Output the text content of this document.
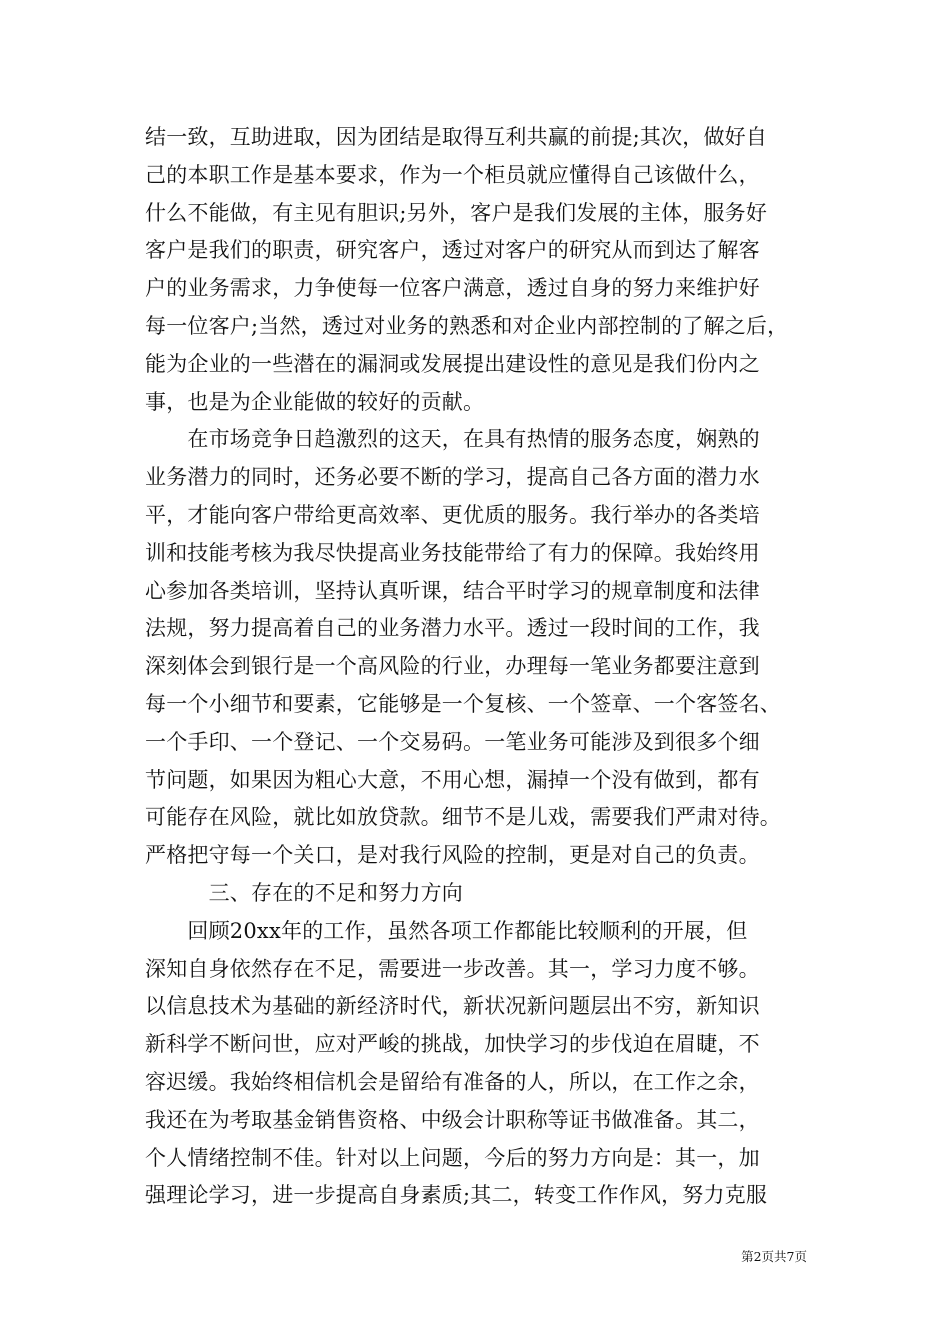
结一致，互助进取，因为团结是取得互利共赢的前提;其次，做好自
己的本职工作是基本要求，作为一个柜员就应懂得自己该做什么，
什么不能做，有主见有胆识;另外，客户是我们发展的主体，服务好
客户是我们的职责，研究客户，透过对客户的研究从而到达了解客
户的业务需求，力争使每一位客户满意，透过自身的努力来维护好
每一位客户;当然，透过对业务的熟悉和对企业内部控制的了解之后，
能为企业的一些潜在的漏洞或发展提出建设性的意见是我们份内之
事，也是为企业能做的较好的贡献。
　　在市场竞争日趋激烈的这天，在具有热情的服务态度，娴熟的
业务潜力的同时，还务必要不断的学习，提高自己各方面的潜力水
平，才能向客户带给更高效率、更优质的服务。我行举办的各类培
训和技能考核为我尽快提高业务技能带给了有力的保障。我始终用
心参加各类培训，坚持认真听课，结合平时学习的规章制度和法律
法规，努力提高着自己的业务潜力水平。透过一段时间的工作，我
深刻体会到银行是一个高风险的行业，办理每一笔业务都要注意到
每一个小细节和要素，它能够是一个复核、一个签章、一个客签名、
一个手印、一个登记、一个交易码。一笔业务可能涉及到很多个细
节问题，如果因为粗心大意，不用心想，漏掉一个没有做到，都有
可能存在风险，就比如放贷款。细节不是儿戏，需要我们严肃对待。
严格把守每一个关口，是对我行风险的控制，更是对自己的负责。
　　　三、存在的不足和努力方向
　　回顾20xx年的工作，虽然各项工作都能比较顺利的开展，但
深知自身依然存在不足，需要进一步改善。其一，学习力度不够。
以信息技术为基础的新经济时代，新状况新问题层出不穷，新知识
新科学不断问世，应对严峻的挑战，加快学习的步伐迫在眉睫，不
容迟缓。我始终相信机会是留给有准备的人，所以，在工作之余，
我还在为考取基金销售资格、中级会计职称等证书做准备。其二，
个人情绪控制不佳。针对以上问题，今后的努力方向是：其一，加
强理论学习，进一步提高自身素质;其二，转变工作作风，努力克服
第2页共7页
